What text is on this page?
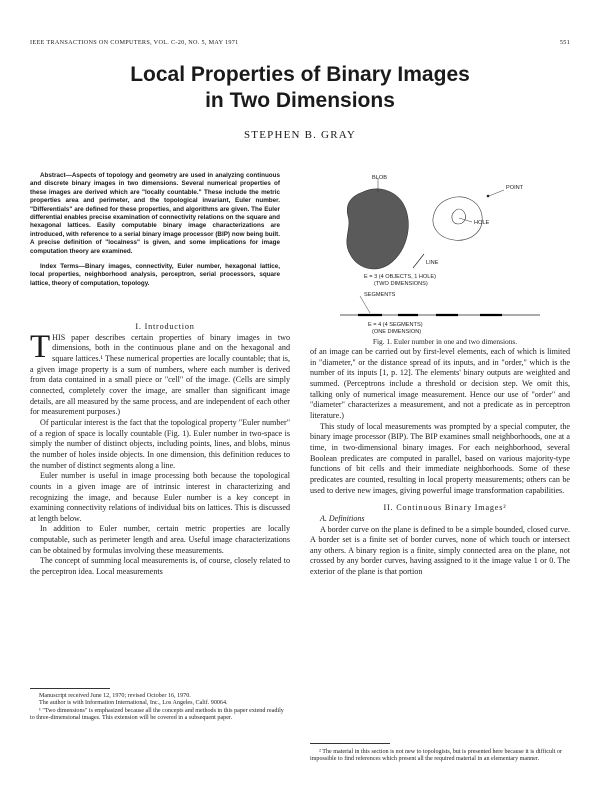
IEEE TRANSACTIONS ON COMPUTERS, VOL. C-20, NO. 5, MAY 1971	551
Local Properties of Binary Images
in Two Dimensions
STEPHEN B. GRAY

Abstract—Aspects of topology and geometry are used in analyzing continuous and discrete binary images in two dimensions. Several numerical properties of these images are derived which are "locally countable." These include the metric properties area and perimeter, and the topological invariant, Euler number. "Differentials" are defined for these properties, and algorithms are given. The Euler differential enables precise examination of connectivity relations on the square and hexagonal lattices. Easily computable binary image characterizations are introduced, with reference to a serial binary image processor (BIP) now being built. A precise definition of "localness" is given, and some implications for image computation theory are examined.

Index Terms—Binary images, connectivity, Euler number, hexagonal lattice, local properties, neighborhood analysis, perceptron, serial processors, square lattice, theory of computation, topology.

I. Introduction

THIS paper describes certain properties of binary images in two dimensions, both in the continuous plane and on the hexagonal and square lattices.¹ These numerical properties are locally countable; that is, a given image property is a sum of numbers, where each number is derived from data contained in a small piece or "cell" of the image. (Cells are simply connected, completely cover the image, are smaller than significant image details, are all measured by the same process, and are independent of each other for measurement purposes.)

Of particular interest is the fact that the topological property "Euler number" of a region of space is locally countable (Fig. 1). Euler number in two-space is simply the number of distinct objects, including points, lines, and blobs, minus the number of holes inside objects. In one dimension, this definition reduces to the number of distinct segments along a line.

Euler number is useful in image processing both because the topological counts in a given image are of intrinsic interest in characterizing and recognizing the image, and because Euler number is a key concept in examining connectivity relations of individual bits on lattices. This is discussed at length below.

In addition to Euler number, certain metric properties are locally computable, such as perimeter length and area. Useful image characterizations can be obtained by formulas involving these measurements.

The concept of summing local measurements is, of course, closely related to the perceptron idea. Local measurements

Manuscript received June 12, 1970; revised October 16, 1970.

The author is with Information International, Inc., Los Angeles, Calif. 90064.

¹ "Two dimensions" is emphasized because all the concepts and methods in this paper extend readily to three-dimensional images. This extension will be covered in a subsequent paper.

BLOB
POINT
HOLE
LINE
E = 3 (4 OBJECTS, 1 HOLE)
(TWO DIMENSIONS)
SEGMENTS
E = 4 (4 SEGMENTS)
(ONE DIMENSION)
Fig. 1. Euler number in one and two dimensions.

of an image can be carried out by first-level elements, each of which is limited in "diameter," or the distance spread of its inputs, and in "order," which is the number of its inputs [1, p. 12]. The elements' binary outputs are weighted and summed. (Perceptrons include a threshold or decision step. We omit this, talking only of numerical image measurement. Hence our use of "order" and "diameter" characterizes a measurement, and not a predicate as in perceptron literature.)

This study of local measurements was prompted by a special computer, the binary image processor (BIP). The BIP examines small neighborhoods, one at a time, in two-dimensional binary images. For each neighborhood, several Boolean predicates are computed in parallel, based on various majority-type functions of bit cells and their immediate neighborhoods. Some of these predicates are counted, resulting in local property measurements; others can be used to derive new images, giving powerful image transformation capabilities.

II. Continuous Binary Images²

A. Definitions

A border curve on the plane is defined to be a simple bounded, closed curve. A border set is a finite set of border curves, none of which touch or intersect any others. A binary region is a finite, simply connected area on the plane, not crossed by any border curves, having assigned to it the image value 1 or 0. The exterior of the plane is that portion

² The material in this section is not new to topologists, but is presented here because it is difficult or impossible to find references which present all the required material in an elementary manner.
